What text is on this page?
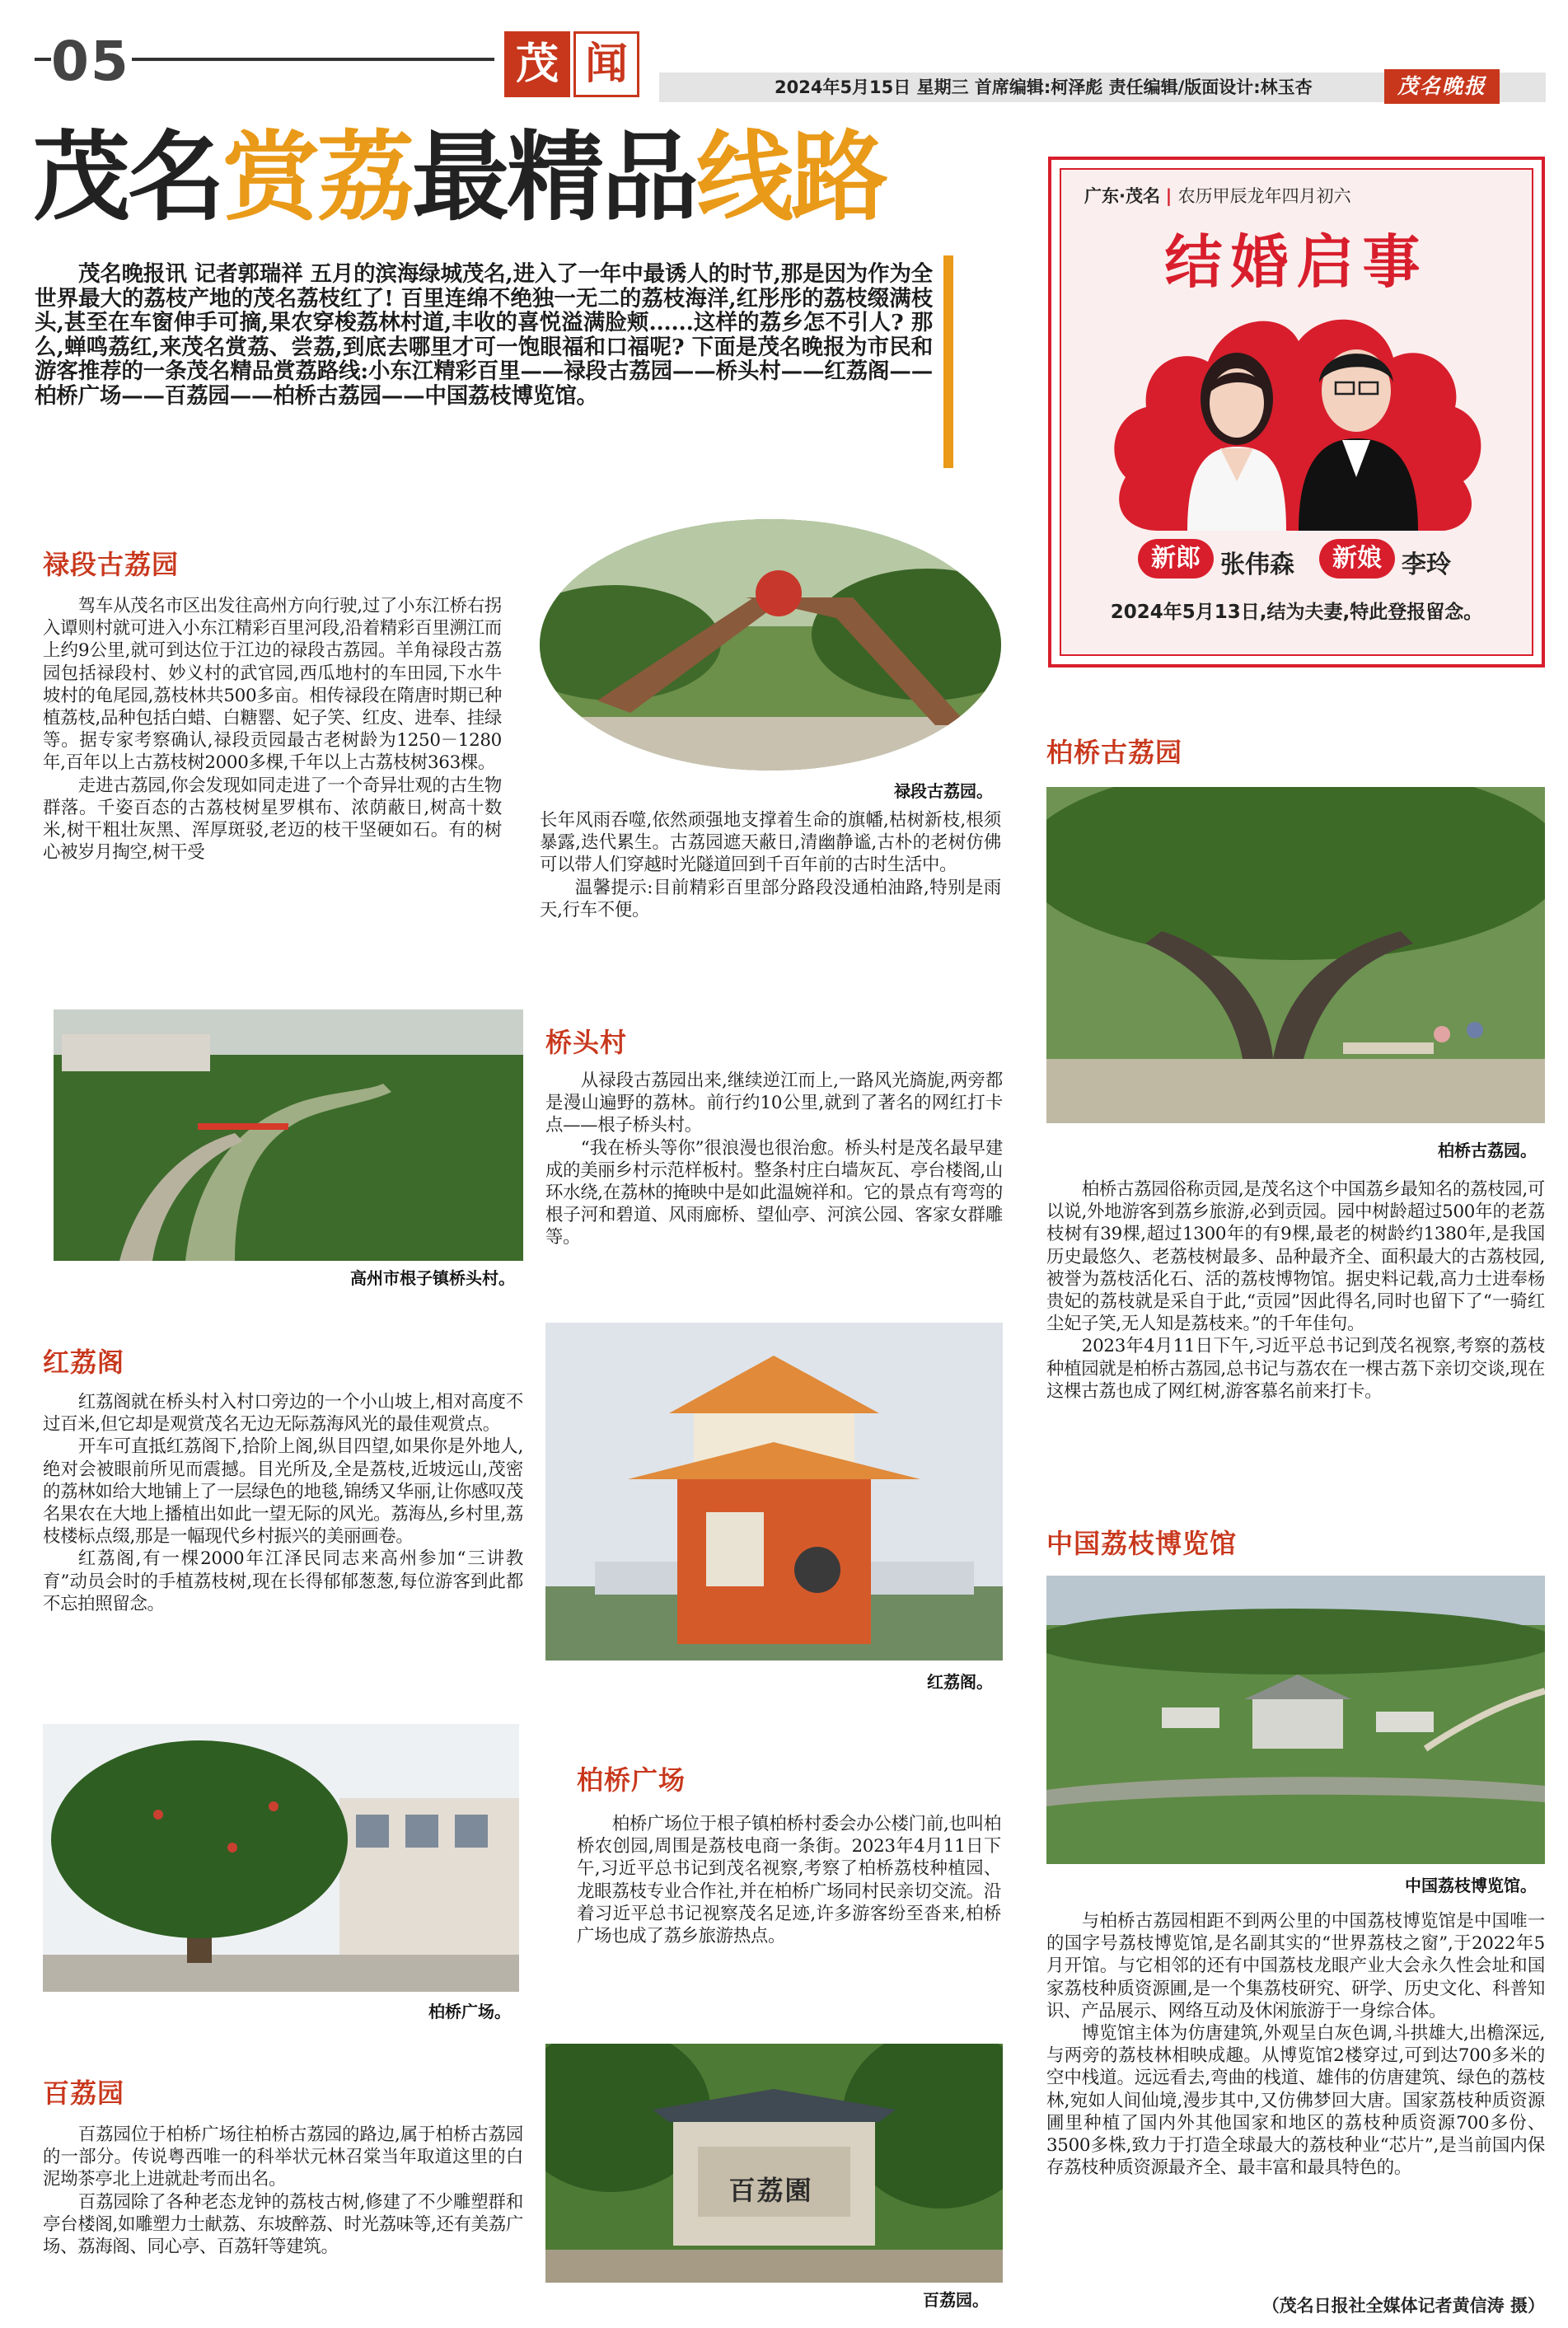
05	茂 闻	2024年5月15日 星期三 首席编辑:柯泽彪 责任编辑/版面设计:林玉杏	茂名晚报
茂名赏荔最精品线路
茂名晚报讯 记者郭瑞祥 五月的滨海绿城茂名,进入了一年中最诱人的时节,那是因为作为全世界最大的荔枝产地的茂名荔枝红了! 百里连绵不绝独一无二的荔枝海洋,红彤彤的荔枝缀满枝头,甚至在车窗伸手可摘,果农穿梭荔林村道,丰收的喜悦溢满脸颊......这样的荔乡怎不引人? 那么,蝉鸣荔红,来茂名赏荔、尝荔,到底去哪里才可一饱眼福和口福呢? 下面是茂名晚报为市民和游客推荐的一条茂名精品赏荔路线:小东江精彩百里——禄段古荔园——桥头村——红荔阁——柏桥广场——百荔园——柏桥古荔园——中国荔枝博览馆。
广东·茂名 | 农历甲辰龙年四月初六
结婚启事
新郎 张伟森	新娘 李玲
2024年5月13日,结为夫妻,特此登报留念。
禄段古荔园

驾车从茂名市区出发往高州方向行驶,过了小东江桥右拐入谭则村就可进入小东江精彩百里河段,沿着精彩百里溯江而上约9公里,就可到达位于江边的禄段古荔园。羊角禄段古荔园包括禄段村、妙义村的武官园,西瓜地村的车田园,下水牛坡村的龟尾园,荔枝林共500多亩。相传禄段在隋唐时期已种植荔枝,品种包括白蜡、白糖罂、妃子笑、红皮、进奉、挂绿等。据专家考察确认,禄段贡园最古老树龄为1250－1280年,百年以上古荔枝树2000多棵,千年以上古荔枝树363棵。

走进古荔园,你会发现如同走进了一个奇异壮观的古生物群落。千姿百态的古荔枝树星罗棋布、浓荫蔽日,树高十数米,树干粗壮灰黑、浑厚斑驳,老迈的枝干坚硬如石。有的树心被岁月掏空,树干受

禄段古荔园。

长年风雨吞噬,依然顽强地支撑着生命的旗幡,枯树新枝,根须暴露,迭代累生。古荔园遮天蔽日,清幽静谧,古朴的老树仿佛可以带人们穿越时光隧道回到千百年前的古时生活中。

温馨提示:目前精彩百里部分路段没通柏油路,特别是雨天,行车不便。

高州市根子镇桥头村。
桥头村

从禄段古荔园出来,继续逆江而上,一路风光旖旎,两旁都是漫山遍野的荔林。前行约10公里,就到了著名的网红打卡点——根子桥头村。

“我在桥头等你”很浪漫也很治愈。桥头村是茂名最早建成的美丽乡村示范样板村。整条村庄白墙灰瓦、亭台楼阁,山环水绕,在荔林的掩映中是如此温婉祥和。它的景点有弯弯的根子河和碧道、风雨廊桥、望仙亭、河滨公园、客家女群雕等。

红荔阁

红荔阁就在桥头村入村口旁边的一个小山坡上,相对高度不过百米,但它却是观赏茂名无边无际荔海风光的最佳观赏点。

开车可直抵红荔阁下,拾阶上阁,纵目四望,如果你是外地人,绝对会被眼前所见而震撼。目光所及,全是荔枝,近坡远山,茂密的荔林如给大地铺上了一层绿色的地毯,锦绣又华丽,让你感叹茂名果农在大地上播植出如此一望无际的风光。荔海丛,乡村里,荔枝楼标点缀,那是一幅现代乡村振兴的美丽画卷。

红荔阁,有一棵2000年江泽民同志来高州参加“三讲教育”动员会时的手植荔枝树,现在长得郁郁葱葱,每位游客到此都不忘拍照留念。

红荔阁。
柏桥广场。
柏桥广场

柏桥广场位于根子镇柏桥村委会办公楼门前,也叫柏桥农创园,周围是荔枝电商一条街。2023年4月11日下午,习近平总书记到茂名视察,考察了柏桥荔枝种植园、龙眼荔枝专业合作社,并在柏桥广场同村民亲切交流。沿着习近平总书记视察茂名足迹,许多游客纷至沓来,柏桥广场也成了荔乡旅游热点。

百荔园

百荔园位于柏桥广场往柏桥古荔园的路边,属于柏桥古荔园的一部分。传说粤西唯一的科举状元林召棠当年取道这里的白泥坳茶亭北上进就赴考而出名。

百荔园除了各种老态龙钟的荔枝古树,修建了不少雕塑群和亭台楼阁,如雕塑力士献荔、东坡醉荔、时光荔味等,还有美荔广场、荔海阁、同心亭、百荔轩等建筑。

百荔園
百荔园。
柏桥古荔园
柏桥古荔园。

柏桥古荔园俗称贡园,是茂名这个中国荔乡最知名的荔枝园,可以说,外地游客到荔乡旅游,必到贡园。园中树龄超过500年的老荔枝树有39棵,超过1300年的有9棵,最老的树龄约1380年,是我国历史最悠久、老荔枝树最多、品种最齐全、面积最大的古荔枝园,被誉为荔枝活化石、活的荔枝博物馆。据史料记载,高力士进奉杨贵妃的荔枝就是采自于此,“贡园”因此得名,同时也留下了“一骑红尘妃子笑,无人知是荔枝来。”的千年佳句。

2023年4月11日下午,习近平总书记到茂名视察,考察的荔枝种植园就是柏桥古荔园,总书记与荔农在一棵古荔下亲切交谈,现在这棵古荔也成了网红树,游客慕名前来打卡。

中国荔枝博览馆
中国荔枝博览馆。

与柏桥古荔园相距不到两公里的中国荔枝博览馆是中国唯一的国字号荔枝博览馆,是名副其实的“世界荔枝之窗”,于2022年5月开馆。与它相邻的还有中国荔枝龙眼产业大会永久性会址和国家荔枝种质资源圃,是一个集荔枝研究、研学、历史文化、科普知识、产品展示、网络互动及休闲旅游于一身综合体。

博览馆主体为仿唐建筑,外观呈白灰色调,斗拱雄大,出檐深远,与两旁的荔枝林相映成趣。从博览馆2楼穿过,可到达700多米的空中栈道。远远看去,弯曲的栈道、雄伟的仿唐建筑、绿色的荔枝林,宛如人间仙境,漫步其中,又仿佛梦回大唐。国家荔枝种质资源圃里种植了国内外其他国家和地区的荔枝种质资源700多份、3500多株,致力于打造全球最大的荔枝种业“芯片”,是当前国内保存荔枝种质资源最齐全、最丰富和最具特色的。

（茂名日报社全媒体记者黄信涛 摄）
